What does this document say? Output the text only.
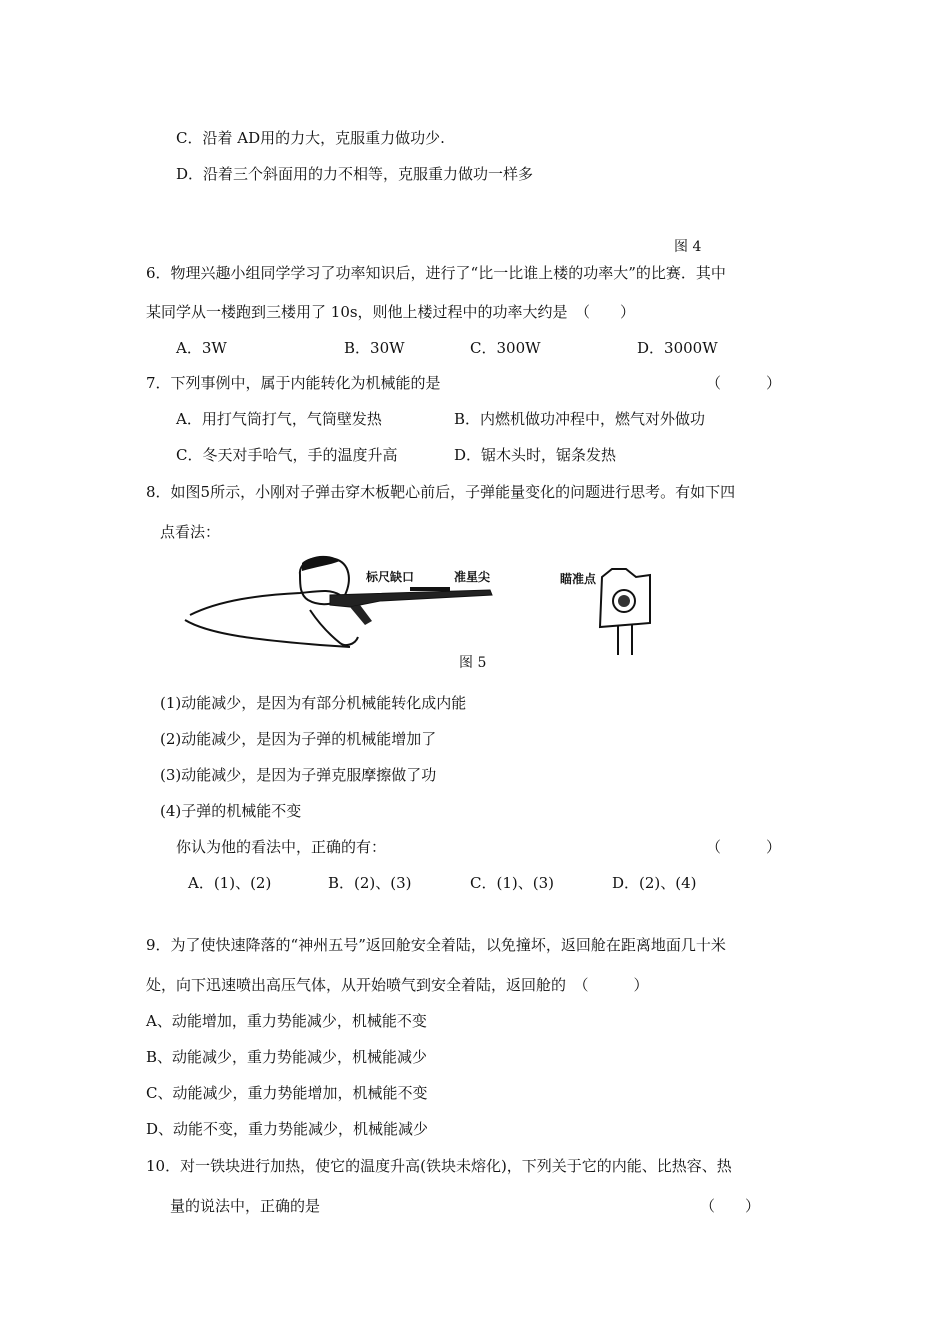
C．沿着 AD用的力大，克服重力做功少.
D．沿着三个斜面用的力不相等，克服重力做功一样多
图 4
6．物理兴趣小组同学学习了功率知识后，进行了“比一比谁上楼的功率大”的比赛．其中
某同学从一楼跑到三楼用了 10s，则他上楼过程中的功率大约是　（　　）
A．3W	B．30W	C．300W	D．3000W
7．下列事例中，属于内能转化为机械能的是	（　　　）
A．用打气筒打气，气筒壁发热	B．内燃机做功冲程中，燃气对外做功
C．冬天对手哈气，手的温度升高	D．锯木头时，锯条发热
8．如图5所示，小刚对子弹击穿木板靶心前后，子弹能量变化的问题进行思考。有如下四
点看法：
标尺缺口	准星尖	瞄准点
图 5
(1)动能减少，是因为有部分机械能转化成内能
(2)动能减少，是因为子弹的机械能增加了
(3)动能减少，是因为子弹克服摩擦做了功
(4)子弹的机械能不变
你认为他的看法中，正确的有：	（　　　）
A．(1)、(2)	B．(2)、(3)	C．(1)、(3)	D．(2)、(4)
9．为了使快速降落的“神州五号”返回舱安全着陆，以免撞坏，返回舱在距离地面几十米
处，向下迅速喷出高压气体，从开始喷气到安全着陆，返回舱的　（　　　）
A、动能增加，重力势能减少，机械能不变
B、动能减少，重力势能减少，机械能减少
C、动能减少，重力势能增加，机械能不变
D、动能不变，重力势能减少，机械能减少
10．对一铁块进行加热，使它的温度升高(铁块未熔化)，下列关于它的内能、比热容、热
量的说法中，正确的是	（　　）
